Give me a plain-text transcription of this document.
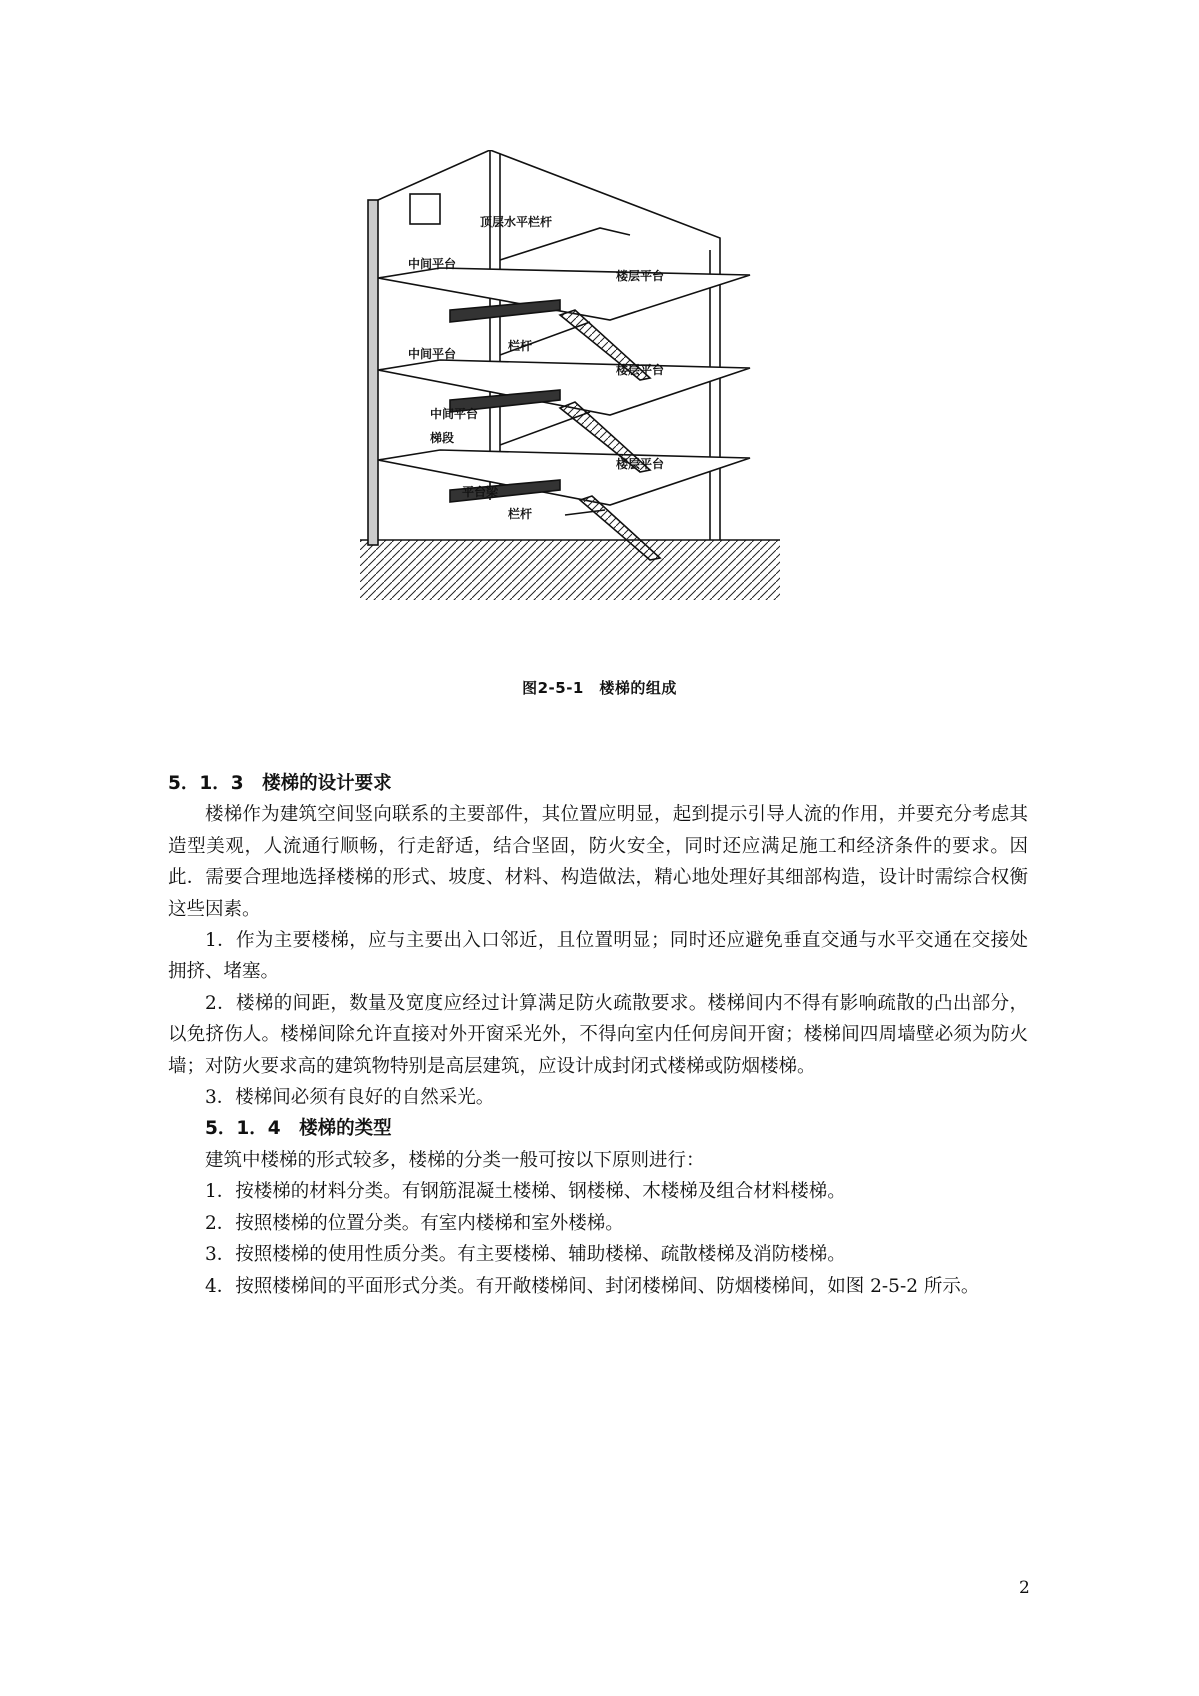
顶层水平栏杆
中间平台
楼层平台
中间平台
栏杆
楼层平台
中间平台
梯段
楼层平台
平台梁
栏杆
图2-5-1　楼梯的组成
5．1．3　楼梯的设计要求

楼梯作为建筑空间竖向联系的主要部件，其位置应明显，起到提示引导人流的作用，并要充分考虑其造型美观，人流通行顺畅，行走舒适，结合坚固，防火安全，同时还应满足施工和经济条件的要求。因此．需要合理地选择楼梯的形式、坡度、材料、构造做法，精心地处理好其细部构造，设计时需综合权衡这些因素。

1．作为主要楼梯，应与主要出入口邻近，且位置明显；同时还应避免垂直交通与水平交通在交接处拥挤、堵塞。

2．楼梯的间距，数量及宽度应经过计算满足防火疏散要求。楼梯间内不得有影响疏散的凸出部分，以免挤伤人。楼梯间除允许直接对外开窗采光外，不得向室内任何房间开窗；楼梯间四周墙壁必须为防火墙；对防火要求高的建筑物特别是高层建筑，应设计成封闭式楼梯或防烟楼梯。

3．楼梯间必须有良好的自然采光。

5．1．4　楼梯的类型

建筑中楼梯的形式较多，楼梯的分类一般可按以下原则进行：

1．按楼梯的材料分类。有钢筋混凝土楼梯、钢楼梯、木楼梯及组合材料楼梯。

2．按照楼梯的位置分类。有室内楼梯和室外楼梯。

3．按照楼梯的使用性质分类。有主要楼梯、辅助楼梯、疏散楼梯及消防楼梯。

4．按照楼梯间的平面形式分类。有开敞楼梯间、封闭楼梯间、防烟楼梯间，如图 2-5-2 所示。

2
